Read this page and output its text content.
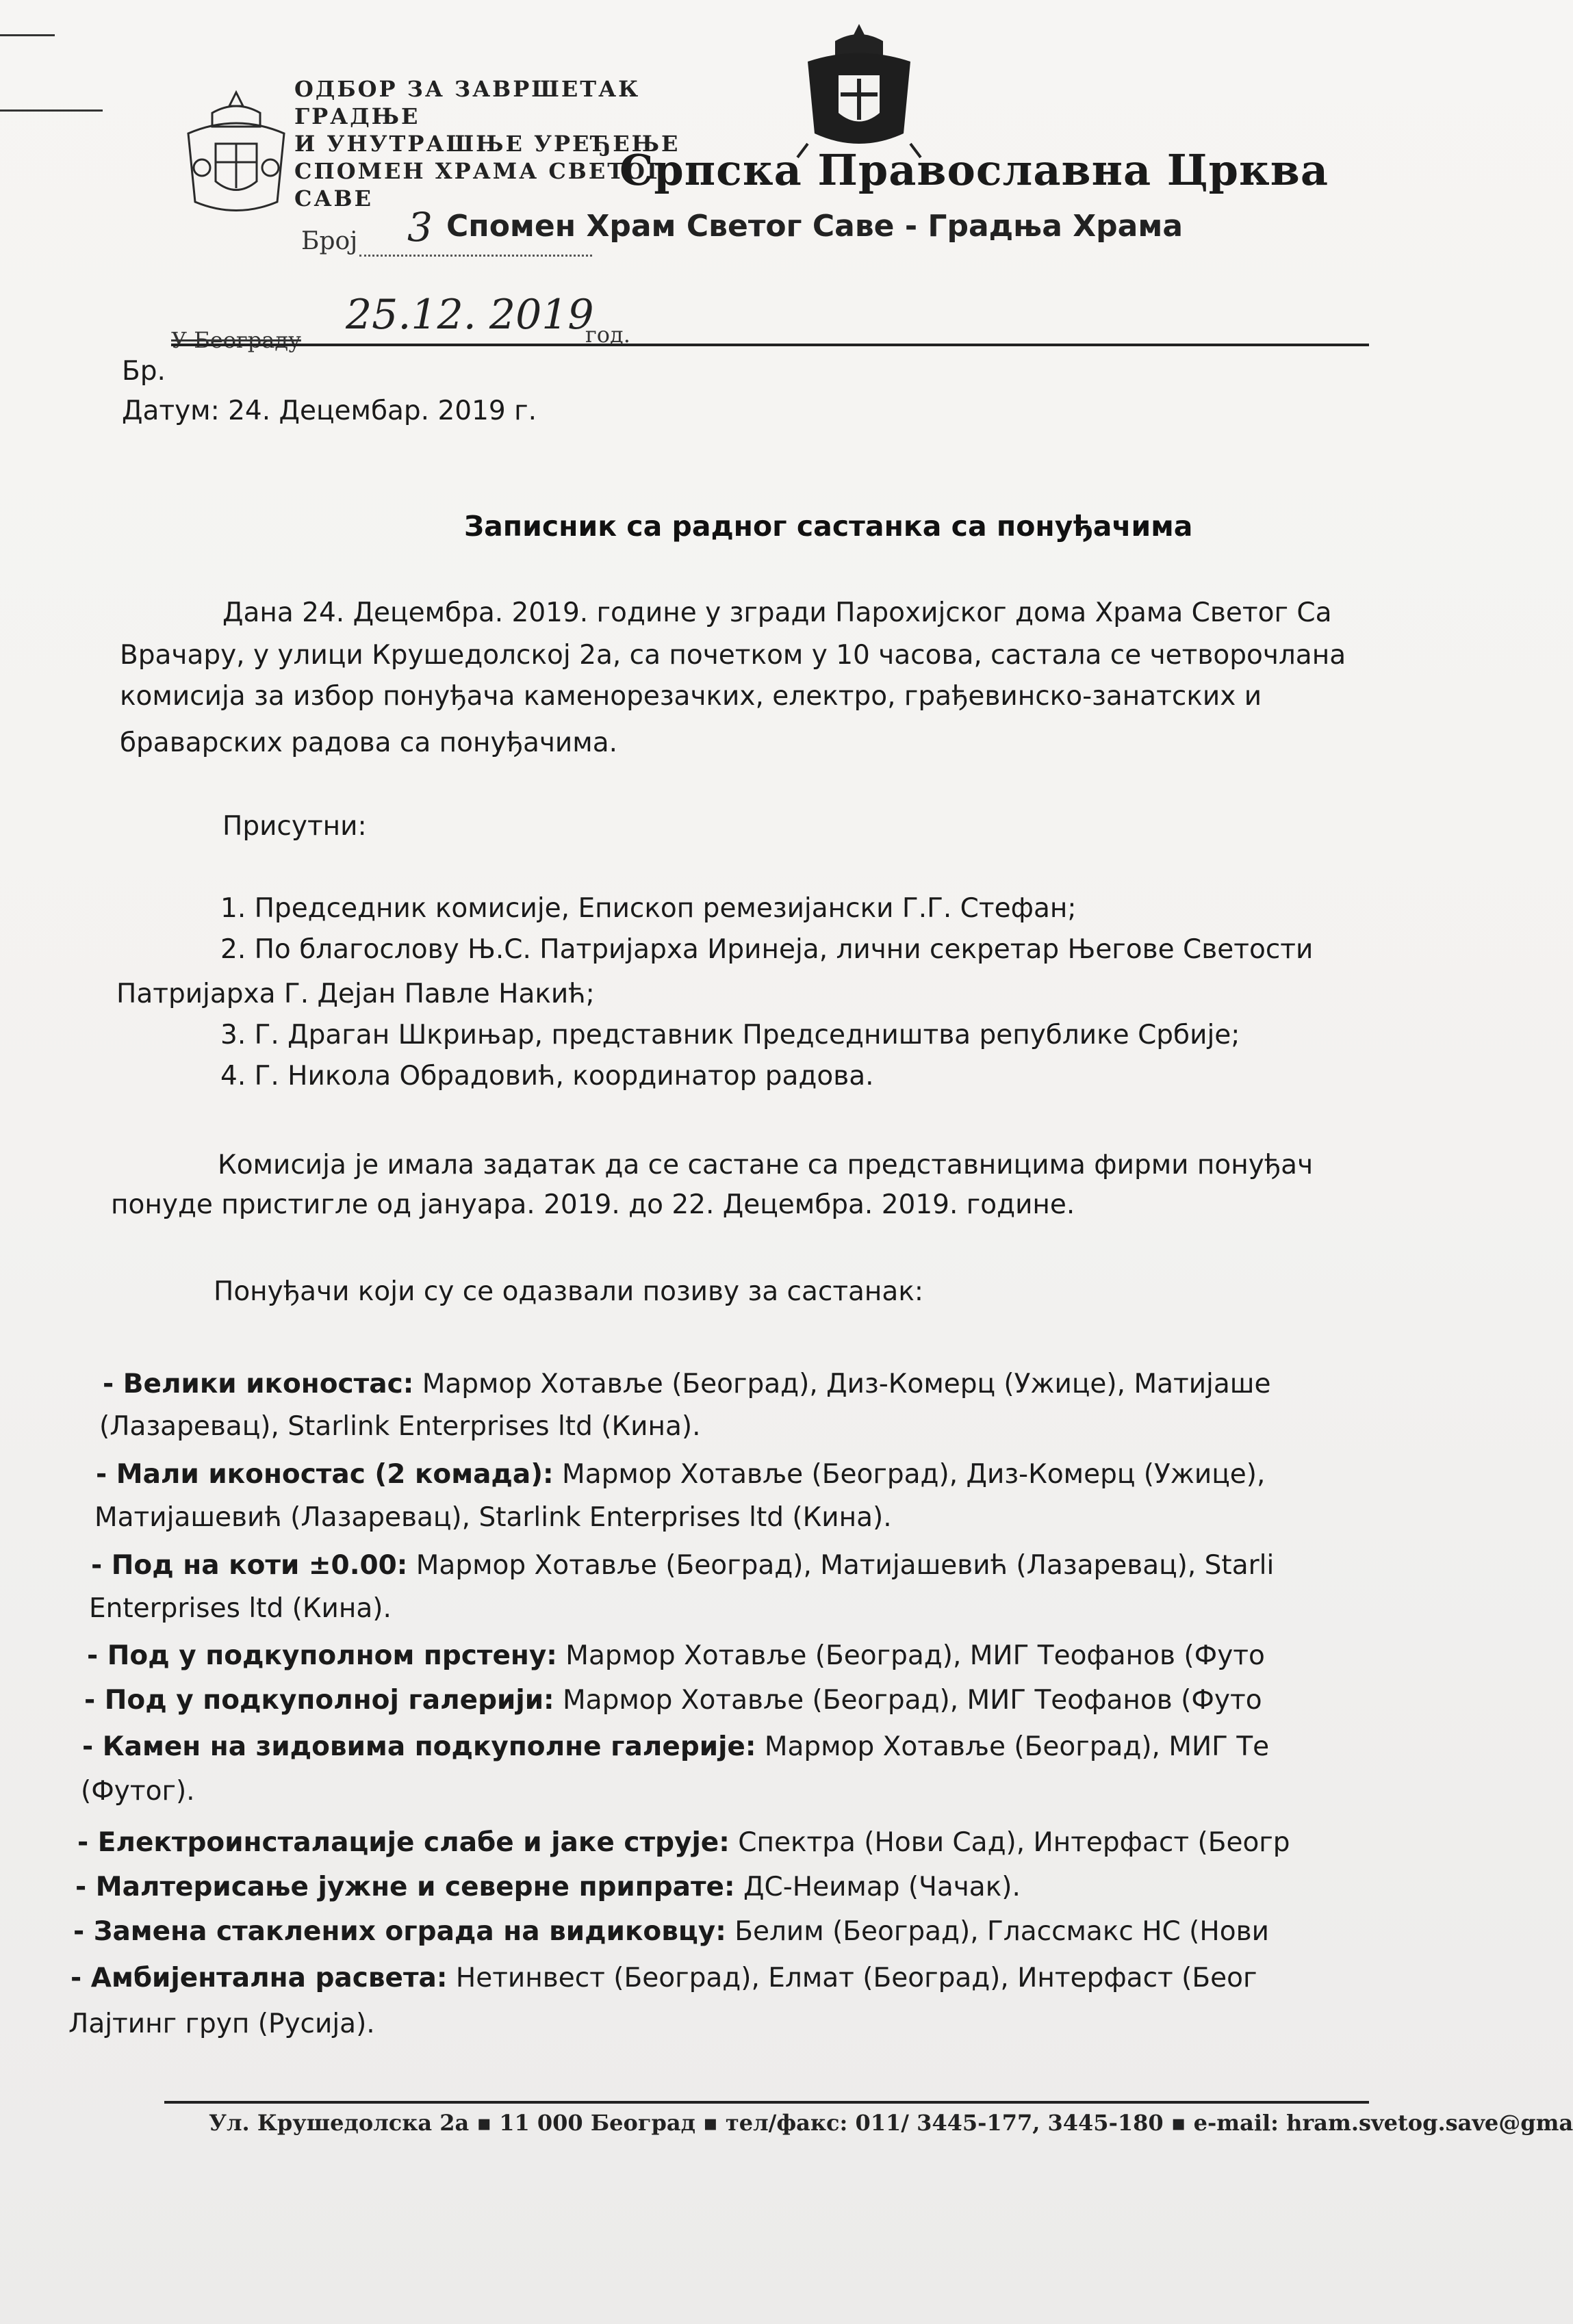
ОДБОР ЗА ЗАВРШЕТАК ГРАДЊЕ
И УНУТРАШЊЕ УРЕЂЕЊЕ
СПОМЕН ХРАМА СВЕТОГ САВЕ
Српска Православна Црква
Број 3 Спомен Храм Светог Саве - Градња Храма
У Београду
25.12. 2019
год.
Бр.
Датум: 24. Децембар. 2019 г.
Записник са радног састанка са понуђачима
Дана 24. Децембра. 2019. године у згради Парохијског дома Храма Светог Са
Врачару, у улици Крушедолској 2а, са почетком у 10 часова, састала се четворочлана
комисија за избор понуђача каменорезачких, електро, грађевинско-занатских и
браварских радова са понуђачима.
Присутни:
1. Председник комисије, Епископ ремезијански Г.Г. Стефан;
2. По благослову Њ.С. Патријарха Иринеја, лични секретар Његове Светости
Патријарха Г. Дејан Павле Накић;
3. Г. Драган Шкрињар, представник Председништва републике Србије;
4. Г. Никола Обрадовић, координатор радова.
Комисија је имала задатак да се састане са представницима фирми понуђач
понуде пристигле од јануара. 2019. до 22. Децембра. 2019. године.
Понуђачи који су се одазвали позиву за састанак:
- Велики иконостас: Мармор Хотавље (Београд), Диз-Комерц (Ужице), Матијаше
(Лазаревац), Starlink Enterprises ltd (Кина).
- Мали иконостас (2 комада): Мармор Хотавље (Београд), Диз-Комерц (Ужице),
Матијашевић (Лазаревац), Starlink Enterprises ltd (Кина).
- Под на коти ±0.00: Мармор Хотавље (Београд), Матијашевић (Лазаревац), Starli
Enterprises ltd (Кина).
- Под у подкуполном прстену: Мармор Хотавље (Београд), МИГ Теофанов (Футо
- Под у подкуполној галерији: Мармор Хотавље (Београд), МИГ Теофанов (Футо
- Камен на зидовима подкуполне галерије: Мармор Хотавље (Београд), МИГ Те
(Футог).
- Електроинсталације слабе и јаке струје: Спектра (Нови Сад), Интерфаст (Беогр
- Малтерисање јужне и северне припрате: ДС-Неимар (Чачак).
- Замена стаклених ограда на видиковцу: Белим (Београд), Глассмакс НС (Нови
- Амбијентална расвета: Нетинвест (Београд), Елмат (Београд), Интерфаст (Беог
Лајтинг груп (Русија).
Ул. Крушедолска 2а ▪ 11 000 Београд ▪ тел/факс: 011/ 3445-177, 3445-180 ▪ e-mail: hram.svetog.save@gma
